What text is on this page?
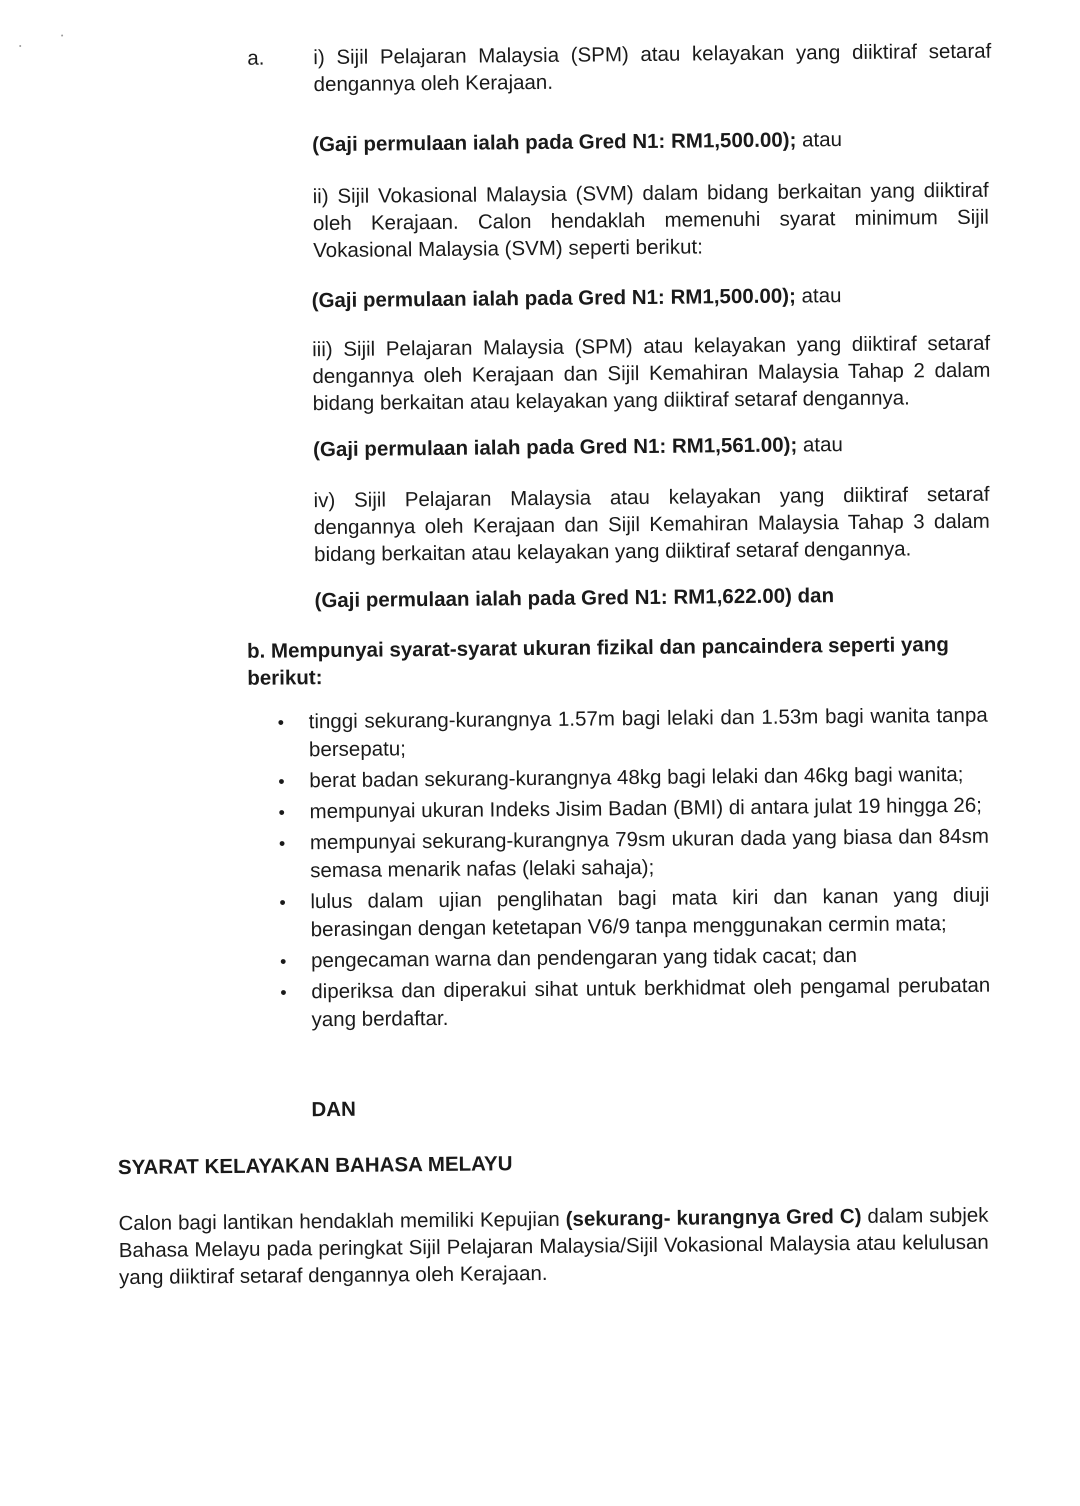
a. i) Sijil Pelajaran Malaysia (SPM) atau kelayakan yang diiktiraf setaraf dengannya oleh Kerajaan.
(Gaji permulaan ialah pada Gred N1: RM1,500.00); atau
ii) Sijil Vokasional Malaysia (SVM) dalam bidang berkaitan yang diiktiraf oleh Kerajaan. Calon hendaklah memenuhi syarat minimum Sijil Vokasional Malaysia (SVM) seperti berikut:
(Gaji permulaan ialah pada Gred N1: RM1,500.00); atau
iii) Sijil Pelajaran Malaysia (SPM) atau kelayakan yang diiktiraf setaraf dengannya oleh Kerajaan dan Sijil Kemahiran Malaysia Tahap 2 dalam bidang berkaitan atau kelayakan yang diiktiraf setaraf dengannya.
(Gaji permulaan ialah pada Gred N1: RM1,561.00); atau
iv) Sijil Pelajaran Malaysia atau kelayakan yang diiktiraf setaraf dengannya oleh Kerajaan dan Sijil Kemahiran Malaysia Tahap 3 dalam bidang berkaitan atau kelayakan yang diiktiraf setaraf dengannya.
(Gaji permulaan ialah pada Gred N1: RM1,622.00) dan
b. Mempunyai syarat-syarat ukuran fizikal dan pancaindera seperti yang berikut:
• tinggi sekurang-kurangnya 1.57m bagi lelaki dan 1.53m bagi wanita tanpa bersepatu;
• berat badan sekurang-kurangnya 48kg bagi lelaki dan 46kg bagi wanita;
• mempunyai ukuran Indeks Jisim Badan (BMI) di antara julat 19 hingga 26;
• mempunyai sekurang-kurangnya 79sm ukuran dada yang biasa dan 84sm semasa menarik nafas (lelaki sahaja);
• lulus dalam ujian penglihatan bagi mata kiri dan kanan yang diuji berasingan dengan ketetapan V6/9 tanpa menggunakan cermin mata;
• pengecaman warna dan pendengaran yang tidak cacat; dan
• diperiksa dan diperakui sihat untuk berkhidmat oleh pengamal perubatan yang berdaftar.
DAN
SYARAT KELAYAKAN BAHASA MELAYU
Calon bagi lantikan hendaklah memiliki Kepujian (sekurang- kurangnya Gred C) dalam subjek Bahasa Melayu pada peringkat Sijil Pelajaran Malaysia/Sijil Vokasional Malaysia atau kelulusan yang diiktiraf setaraf dengannya oleh Kerajaan.
